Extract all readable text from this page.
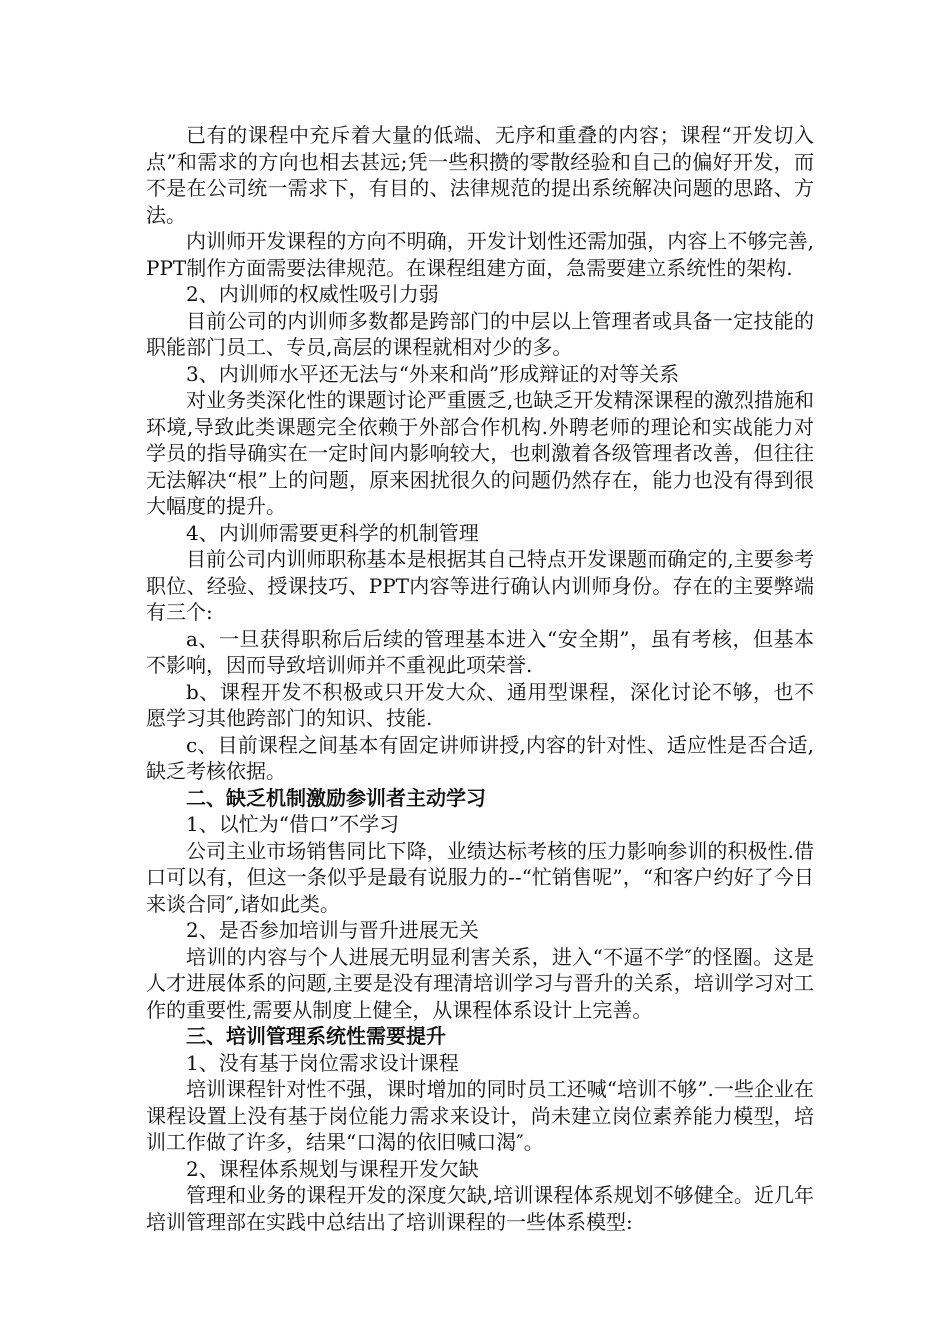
已有的课程中充斥着大量的低端、无序和重叠的内容；课程“开发切入点”和需求的方向也相去甚远;凭一些积攒的零散经验和自己的偏好开发，而不是在公司统一需求下，有目的、法律规范的提出系统解决问题的思路、方法。

内训师开发课程的方向不明确，开发计划性还需加强，内容上不够完善,PPT制作方面需要法律规范。在课程组建方面，急需要建立系统性的架构.

2、内训师的权威性吸引力弱

目前公司的内训师多数都是跨部门的中层以上管理者或具备一定技能的职能部门员工、专员,高层的课程就相对少的多。

3、内训师水平还无法与“外来和尚”形成辩证的对等关系

对业务类深化性的课题讨论严重匮乏,也缺乏开发精深课程的激烈措施和环境,导致此类课题完全依赖于外部合作机构.外聘老师的理论和实战能力对学员的指导确实在一定时间内影响较大，也刺激着各级管理者改善，但往往无法解决“根”上的问题，原来困扰很久的问题仍然存在，能力也没有得到很大幅度的提升。

4、内训师需要更科学的机制管理

目前公司内训师职称基本是根据其自己特点开发课题而确定的,主要参考职位、经验、授课技巧、PPT内容等进行确认内训师身份。存在的主要弊端有三个:

a、一旦获得职称后后续的管理基本进入“安全期”，虽有考核，但基本不影响，因而导致培训师并不重视此项荣誉.

b、课程开发不积极或只开发大众、通用型课程，深化讨论不够，也不愿学习其他跨部门的知识、技能.

c、目前课程之间基本有固定讲师讲授,内容的针对性、适应性是否合适,缺乏考核依据。

二、缺乏机制激励参训者主动学习

1、以忙为“借口”不学习

公司主业市场销售同比下降，业绩达标考核的压力影响参训的积极性.借口可以有，但这一条似乎是最有说服力的--“忙销售呢”，“和客户约好了今日来谈合同″,诸如此类。

2、是否参加培训与晋升进展无关

培训的内容与个人进展无明显利害关系，进入“不逼不学″的怪圈。这是人才进展体系的问题,主要是没有理清培训学习与晋升的关系，培训学习对工作的重要性,需要从制度上健全，从课程体系设计上完善。

三、培训管理系统性需要提升

1、没有基于岗位需求设计课程

培训课程针对性不强，课时增加的同时员工还喊“培训不够”.一些企业在课程设置上没有基于岗位能力需求来设计，尚未建立岗位素养能力模型，培训工作做了许多，结果“口渴的依旧喊口渴″。

2、课程体系规划与课程开发欠缺

管理和业务的课程开发的深度欠缺,培训课程体系规划不够健全。近几年培训管理部在实践中总结出了培训课程的一些体系模型:
